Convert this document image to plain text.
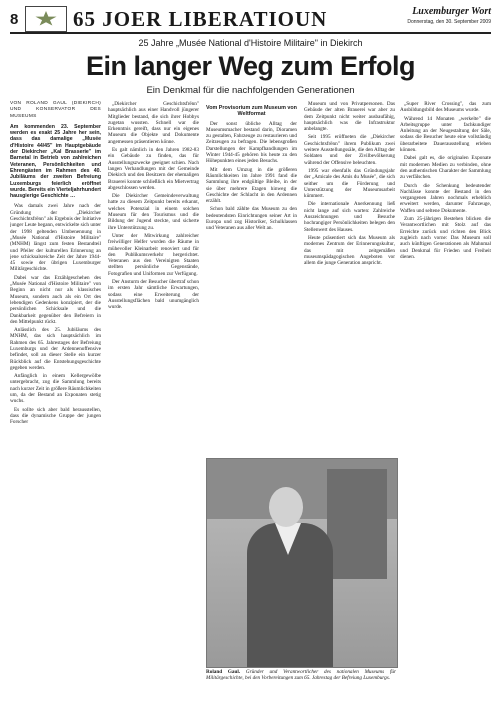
8	65 JOER LIBERATIOUN	Luxemburger Wort
Donnerstag, den 30. September 2009
25 Jahre „Musée National d'Histoire Militaire" in Diekirch
Ein langer Weg zum Erfolg
Ein Denkmal für die nachfolgenden Generationen
VON ROLAND GAUL (DIEKIRCH) UND KONSERVATOR DES MUSEUMS
Am kommenden 23. September werden es exakt 25 Jahre her sein, dass das damalige „Musée d'Histoire 44/45" im Hauptgebäude der Diekircher „Kal Brasserie" im Barnetal in Betrieb von zahlreichen Veteranen, Persönlichkeiten und Ehrengästen im Rahmen des 40. Jubiläums der zweiten Befreiung Luxemburgs feierlich eröffnet wurde. Bereits ein Vierteljahrhundert hausgierige Geschichte …

Was damals zwei Jahre nach der Gründung der „Diekircher Geschichtsfrënn" als Ergebnis der Initiative junger Leute begann, entwickelte sich unter der 1998 geltenden Umbenennung in „Musée National d'Histoire Militaire" (MNHM) längst zum festen Bestandteil und Pfeiler der kulturellen Erinnerung an jene schicksalsreiche Zeit der Jahre 1944-45 sowie der übrigen Luxemburger Militärgeschichte.

Dabei war das Erzählgeschehen des „Musée National d'Histoire Militaire" von Beginn an nicht nur als klassisches Museum, sondern auch als ein Ort des lebendigen Gedenkens konzipiert, der die persönlichen Schicksale und die Dankbarkeit gegenüber den Befreiern in den Mittelpunkt rückt.

Anlässlich des 25. Jubiläums des MNHM, das sich hauptsächlich im Rahmen des 65. Jahrestages der Befreiung Luxemburgs und der Ardennenoffensive befindet, soll an dieser Stelle ein kurzer Rückblick auf die Entstehungsgeschichte gegeben werden.

Anfänglich in einem Kellergewölbe untergebracht, zog die Sammlung bereits nach kurzer Zeit in größere Räumlichkeiten um, da der Bestand an Exponaten stetig wuchs.

Es sollte sich aber bald herausstellen, dass die dynamische Gruppe der jungen Forscher

„Diekircher Geschichtsfrënn" hauptsächlich aus einer Handvoll jüngerer Mitglieder bestand, die sich ihrer Hobbys zugetan wussten. Schnell war die Erkenntnis gereift, dass nur ein eigenes Museum die Objekte und Dokumente angemessen präsentieren könne.

Es galt nämlich in den Jahren 1982-83 ein Gebäude zu finden, das für Ausstellungszwecke geeignet schien. Nach langen Verhandlungen mit der Gemeinde Diekirch und den Besitzern der ehemaligen Brauerei konnte schließlich ein Mietvertrag abgeschlossen werden.

Die Diekircher Gemeindeverwaltung hatte zu diesem Zeitpunkt bereits erkannt, welches Potenzial in einem solchen Museum für den Tourismus und die Bildung der Jugend steckte, und sicherte ihre Unterstützung zu.

Unter der Mitwirkung zahlreicher freiwilliger Helfer wurden die Räume in mühevoller Kleinarbeit renoviert und für den Publikumsverkehr hergerichtet. Veteranen aus den Vereinigten Staaten stellten persönliche Gegenstände, Fotografien und Uniformen zur Verfügung.

Der Ansturm der Besucher übertraf schon im ersten Jahr sämtliche Erwartungen, sodass eine Erweiterung der Ausstellungsflächen bald unumgänglich wurde.

Vom Provisorium zum Museum von Weltformat

Der sonst übliche Alltag der Museumsmacher bestand darin, Dioramen zu gestalten, Fahrzeuge zu restaurieren und Zeitzeugen zu befragen. Die lebensgroßen Darstellungen der Kampfhandlungen im Winter 1944-45 gehören bis heute zu den Höhepunkten eines jeden Besuchs.

Mit dem Umzug in die größeren Räumlichkeiten im Jahre 1991 fand die Sammlung ihre endgültige Bleibe, in der sie über mehrere Etagen hinweg die Geschichte der Schlacht in den Ardennen erzählt.

Schon bald zählte das Museum zu den bedeutendsten Einrichtungen seiner Art in Europa und zog Historiker, Schulklassen und Veteranen aus aller Welt an.

Museum und von Privatpersonen. Das Gebäude der alten Brauerei war aber zu dem Zeitpunkt nicht weiter ausbaufähig, hauptsächlich was die Infrastruktur anbelangte.

Seit 1995 eröffneten die „Diekircher Geschichtsfrënn" ihrem Publikum zwei weitere Ausstellungssäle, die den Alltag der Soldaten und der Zivilbevölkerung während der Offensive beleuchten.

1995 war ebenfalls das Gründungsjahr der „Amicale des Amis du Musée", die sich seither um die Förderung und Unterstützung der Museumsarbeit kümmert.

Die internationale Anerkennung ließ nicht lange auf sich warten: Zahlreiche Auszeichnungen und Besuche hochrangiger Persönlichkeiten belegen den Stellenwert des Hauses.

Heute präsentiert sich das Museum als modernes Zentrum der Erinnerungskultur, das mit zeitgemäßen museumspädagogischen Angeboten vor allem die junge Generation anspricht.

„Super River Crossing", das zum Ausbildungsbild des Museums wurde.

Während 14 Monaten „werkelte" die Arbeitsgruppe unter fachkundiger Anleitung an der Neugestaltung der Säle, sodass die Besucher heute eine vollständig überarbeitete Dauerausstellung erleben können.

Dabei galt es, die originalen Exponate mit modernen Medien zu verbinden, ohne den authentischen Charakter der Sammlung zu verfälschen.

Durch die Schenkung bedeutender Nachlässe konnte der Bestand in den vergangenen Jahren nochmals erheblich erweitert werden, darunter Fahrzeuge, Waffen und seltene Dokumente.

Zum 25-jährigen Bestehen blicken die Verantwortlichen mit Stolz auf das Erreichte zurück und richten den Blick zugleich nach vorne: Das Museum soll auch künftigen Generationen als Mahnmal und Denkmal für Frieden und Freiheit dienen.

Roland Gaul. Gründer und Verantwortlicher des nationalen Museums für Militärgeschichte, bei den Vorbereitungen zum 65. Jahrestag der Befreiung Luxemburgs.
